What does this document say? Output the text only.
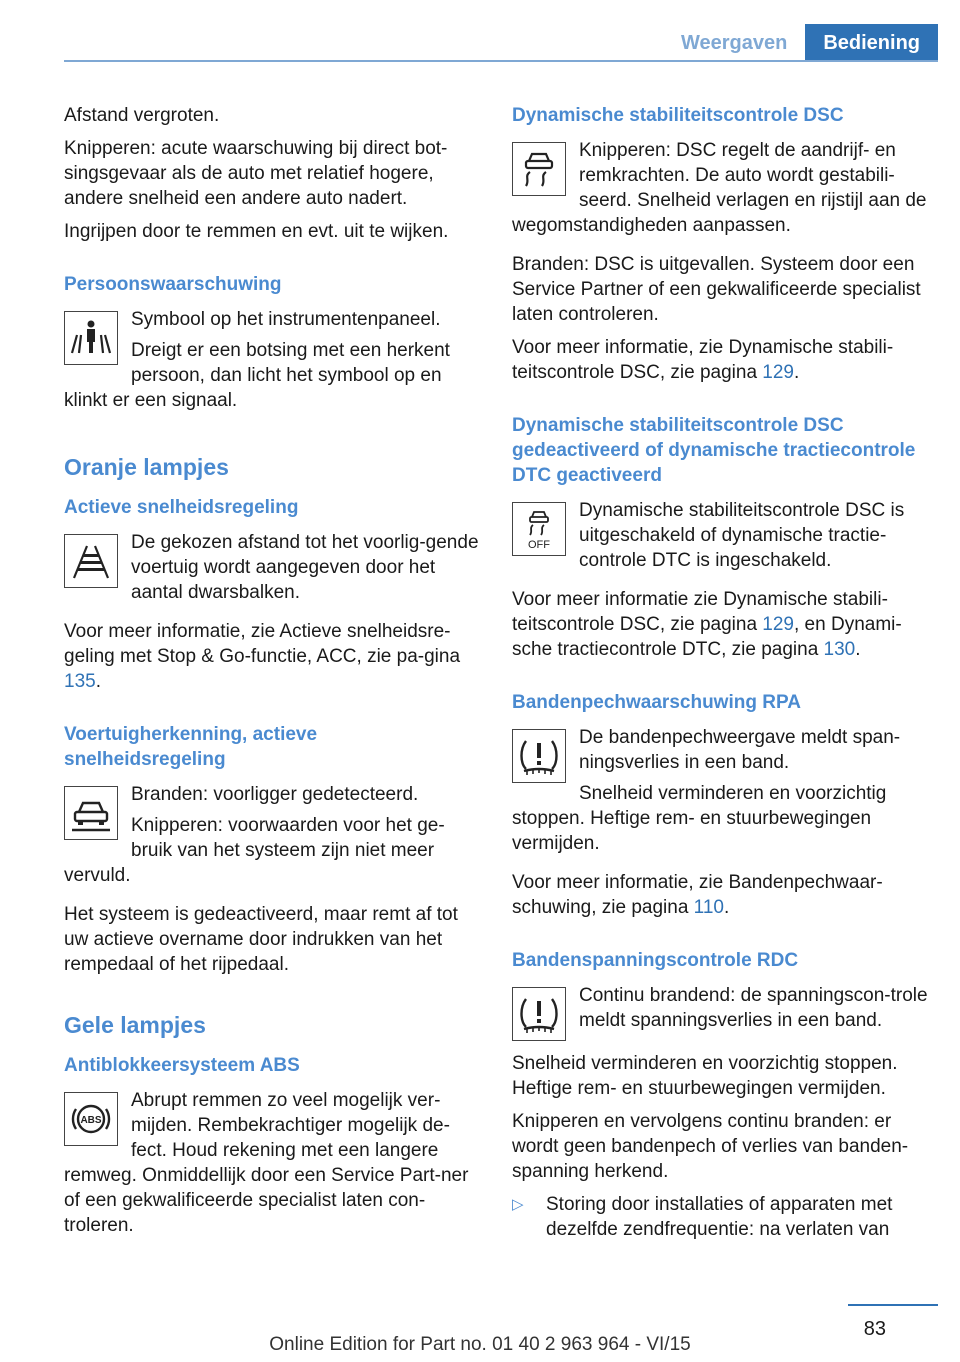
Weergaven	Bediening

Afstand vergroten.

Knipperen: acute waarschuwing bij direct bot-singsgevaar als de auto met relatief hogere, andere snelheid een andere auto nadert.

Ingrijpen door te remmen en evt. uit te wijken.

Persoonswaarschuwing

Symbool op het instrumentenpaneel.

Dreigt er een botsing met een herkent persoon, dan licht het symbool op en klinkt er een signaal.

Oranje lampjes
Actieve snelheidsregeling

De gekozen afstand tot het voorlig-gende voertuig wordt aangegeven door het aantal dwarsbalken.

Voor meer informatie, zie Actieve snelheidsre-geling met Stop & Go-functie, ACC, zie pa-gina 135.

Voertuigherkenning, actieve snelheidsregeling

Branden: voorligger gedetecteerd.

Knipperen: voorwaarden voor het ge-bruik van het systeem zijn niet meer vervuld.

Het systeem is gedeactiveerd, maar remt af tot uw actieve overname door indrukken van het rempedaal of het rijpedaal.

Gele lampjes
Antiblokkeersysteem ABS
ABS

Abrupt remmen zo veel mogelijk ver-mijden. Rembekrachtiger mogelijk de-fect. Houd rekening met een langere remweg. Onmiddellijk door een Service Part-ner of een gekwalificeerde specialist laten con-troleren.

Dynamische stabiliteitscontrole DSC

Knipperen: DSC regelt de aandrijf- en remkrachten. De auto wordt gestabili-seerd. Snelheid verlagen en rijstijl aan de wegomstandigheden aanpassen.

Branden: DSC is uitgevallen. Systeem door een Service Partner of een gekwalificeerde specialist laten controleren.

Voor meer informatie, zie Dynamische stabili-teitscontrole DSC, zie pagina 129.

Dynamische stabiliteitscontrole DSC gedeactiveerd of dynamische tractiecontrole DTC geactiveerd
OFF

Dynamische stabiliteitscontrole DSC is uitgeschakeld of dynamische tractie-controle DTC is ingeschakeld.

Voor meer informatie zie Dynamische stabili-teitscontrole DSC, zie pagina 129, en Dynami-sche tractiecontrole DTC, zie pagina 130.

Bandenpechwaarschuwing RPA

De bandenpechweergave meldt span-ningsverlies in een band.

Snelheid verminderen en voorzichtig stoppen. Heftige rem- en stuurbewegingen vermijden.

Voor meer informatie, zie Bandenpechwaar-schuwing, zie pagina 110.

Bandenspanningscontrole RDC

Continu brandend: de spanningscon-trole meldt spanningsverlies in een band.

Snelheid verminderen en voorzichtig stoppen. Heftige rem- en stuurbewegingen vermijden.

Knipperen en vervolgens continu branden: er wordt geen bandenpech of verlies van banden-spanning herkend.

▷	Storing door installaties of apparaten met dezelfde zendfrequentie: na verlaten van
83
Online Edition for Part no. 01 40 2 963 964 - VI/15
